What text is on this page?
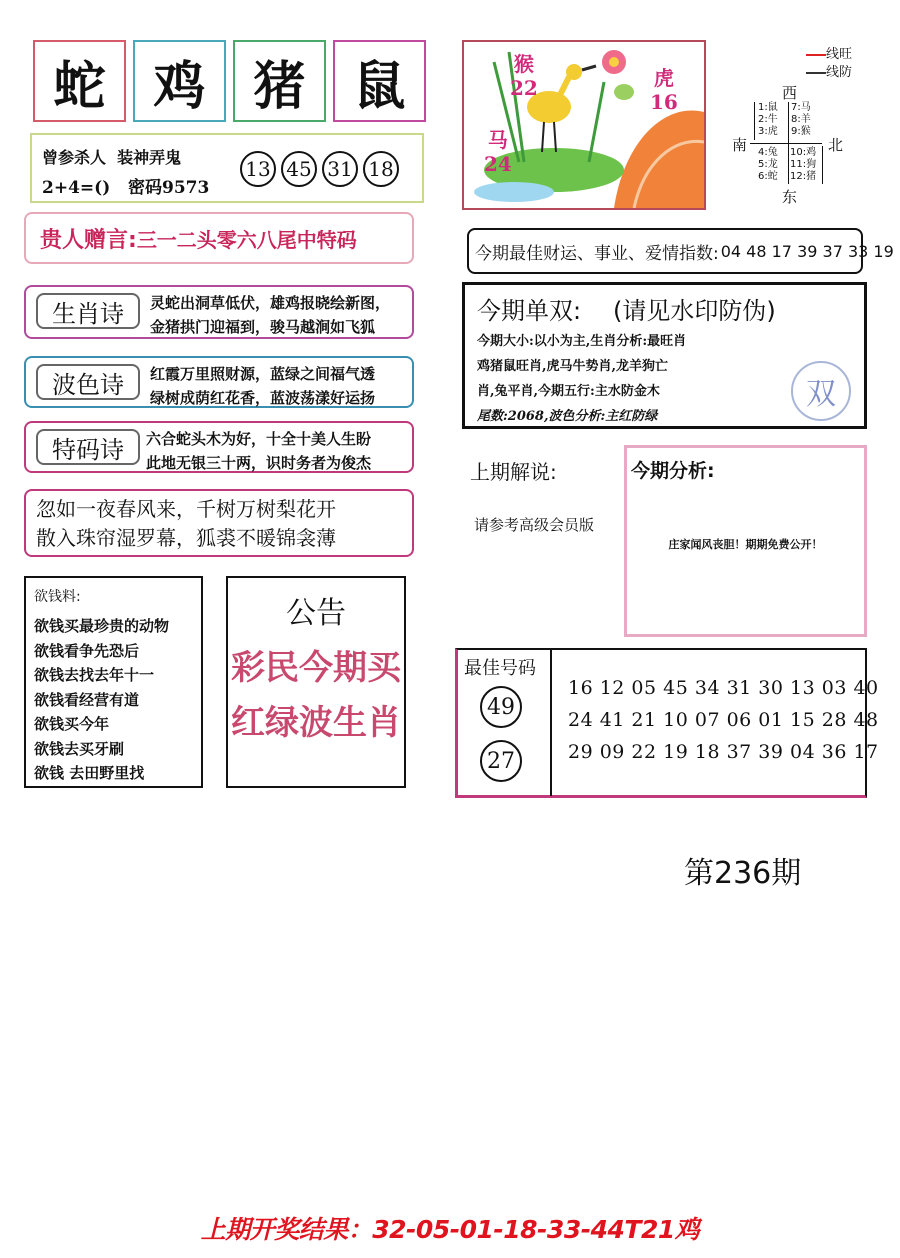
蛇 鸡 猪 鼠
曾参杀人  装神弄鬼
2+4=()   密码9573
13 45 31 18
贵人赠言: 三一二头零六八尾中特码
生肖诗	灵蛇出洞草低伏，雄鸡报晓绘新图，
金猪拱门迎福到，骏马越涧如飞狐
波色诗	红霞万里照财源，蓝绿之间福气透
绿树成荫红花香，蓝波荡漾好运扬
特码诗	六合蛇头木为好，十全十美人生盼
此地无银三十两，识时务者为俊杰
忽如一夜春风来，千树万树梨花开
散入珠帘湿罗幕，狐裘不暖锦衾薄
欲钱料:
欲钱买最珍贵的动物
欲钱看争先恐后
欲钱去找去年十一
欲钱看经营有道
欲钱买今年
欲钱去买牙刷
欲钱 去田野里找
公告
彩民今期买
红绿波生肖
猴
22	虎
16
马
24
线旺
线防
西
南	北
东
1:鼠
2:牛
3:虎
7:马
8:羊
9:猴
4:兔
5:龙
6:蛇
10:鸡
11:狗
12:猪
今期最佳财运、事业、爱情指数: 04 48 17 39 37 33 19
今期单双: (请见水印防伪)
今期大小:以小为主,生肖分析:最旺肖
鸡猪鼠旺肖,虎马牛势肖,龙羊狗亡
肖,兔平肖,今期五行:主水防金木
尾数:2068,波色分析:主红防绿
双
上期解说:
请参考高级会员版
今期分析:
庄家闻风丧胆！期期免费公开！
最佳号码
49
27
16 12 05 45 34 31 30 13 03 40
24 41 21 10 07 06 01 15 28 48
29 09 22 19 18 37 39 04 36 17
第236期
上期开奖结果：32-05-01-18-33-44T21鸡
